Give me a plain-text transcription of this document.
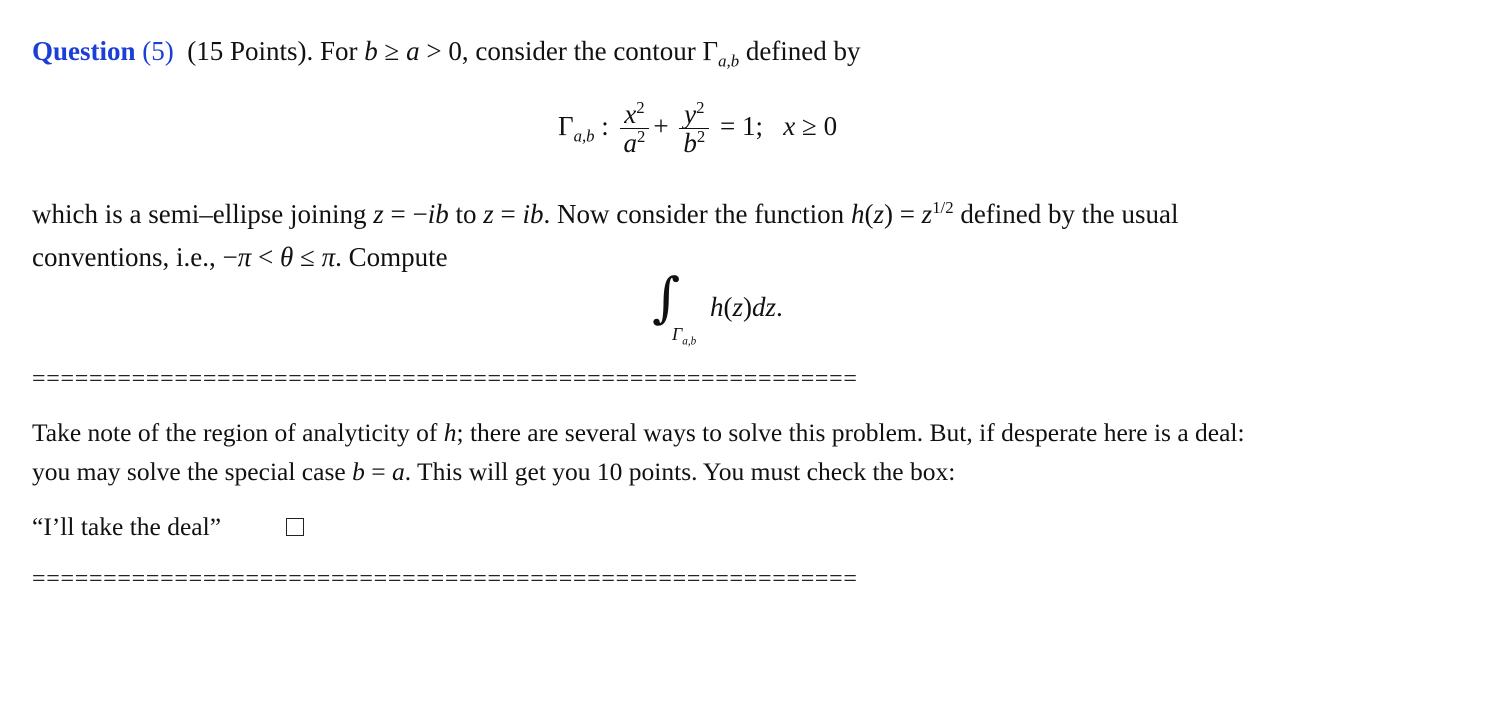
Question (5) (15 Points). For b ≥ a > 0, consider the contour $\Gamma_{a,b}$ defined by
$\Gamma_{a,b}$ : $\frac{x^2}{a^2} + \frac{y^2}{b^2} = 1$;   x ≥ 0
which is a semi–ellipse joining z = −ib to z = ib. Now consider the function $h(z) = z^{1/2}$ defined by the usual
conventions, i.e., −π < θ ≤ π. Compute
∫
$\Gamma_{a,b}$
h(z)dz.
==========================================================
Take note of the region of analyticity of h; there are several ways to solve this problem. But, if desperate here is a deal:
you may solve the special case b = a. This will get you 10 points. You must check the box:
“I’ll take the deal”
==========================================================
